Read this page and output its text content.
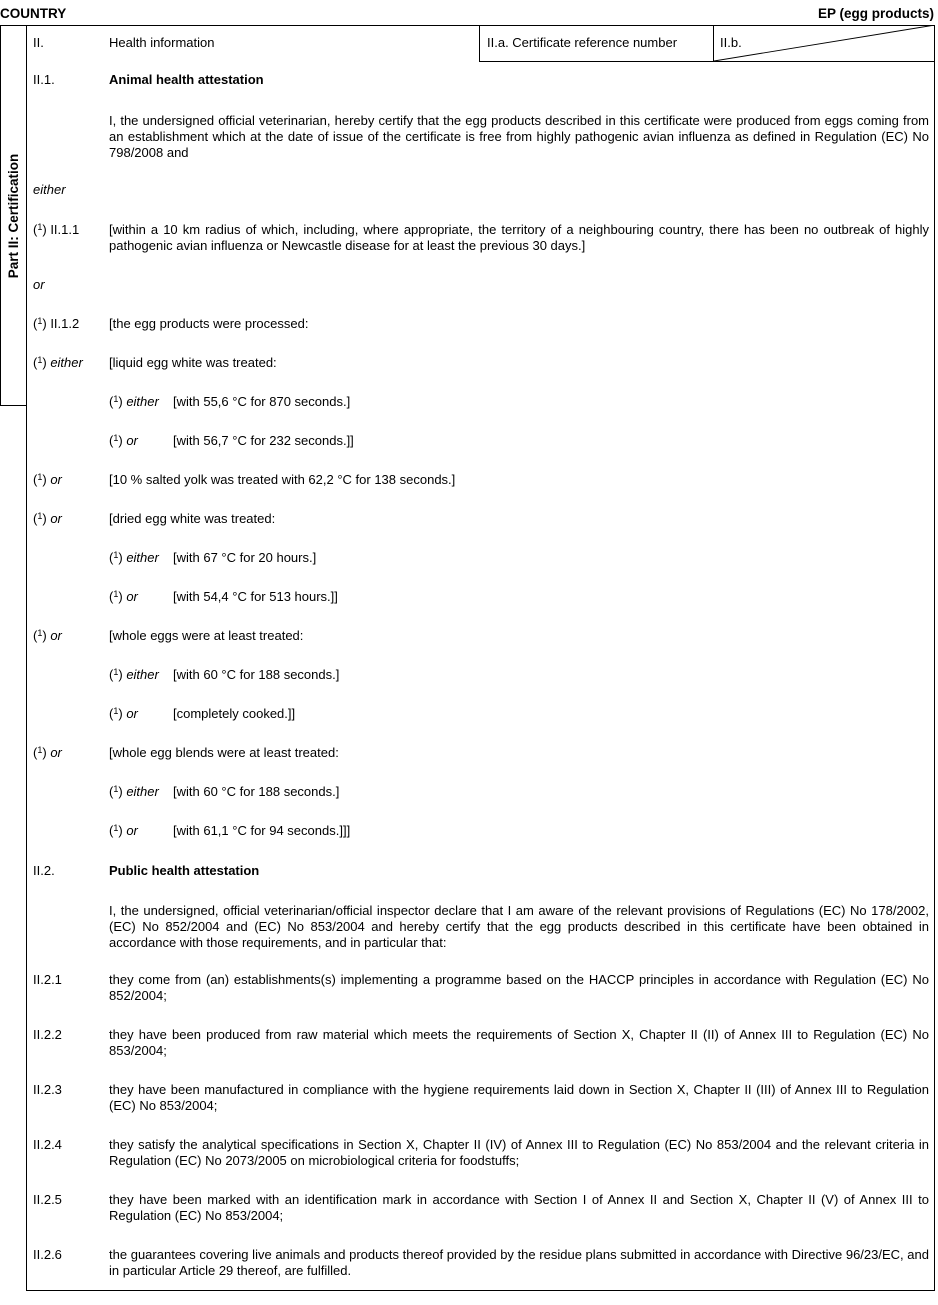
COUNTRY	EP (egg products)
Part II: Certification
II.a. Certificate reference number	II.b.
II.	Health information
II.1.	Animal health attestation
I, the undersigned official veterinarian, hereby certify that the egg products described in this certificate were produced from eggs coming from an establishment which at the date of issue of the certificate is free from highly pathogenic avian influenza as defined in Regulation (EC) No 798/2008 and
either
($^1$) II.1.1 [within a 10 km radius of which, including, where appropriate, the territory of a neighbouring country, there has been no outbreak of highly pathogenic avian influenza or Newcastle disease for at least the previous 30 days.]
or
($^1$) II.1.2 [the egg products were processed:
($^1$) either [liquid egg white was treated:
($^1$) either [with 55,6 °C for 870 seconds.]
($^1$) or	[with 56,7 °C for 232 seconds.]]
($^1$) or	[10 % salted yolk was treated with 62,2 °C for 138 seconds.]
($^1$) or	[dried egg white was treated:
($^1$) either [with 67 °C for 20 hours.]
($^1$) or	[with 54,4 °C for 513 hours.]]
($^1$) or	[whole eggs were at least treated:
($^1$) either [with 60 °C for 188 seconds.]
($^1$) or	[completely cooked.]]
($^1$) or	[whole egg blends were at least treated:
($^1$) either [with 60 °C for 188 seconds.]
($^1$) or	[with 61,1 °C for 94 seconds.]]]
II.2.	Public health attestation
I, the undersigned, official veterinarian/official inspector declare that I am aware of the relevant provisions of Regulations (EC) No 178/2002, (EC) No 852/2004 and (EC) No 853/2004 and hereby certify that the egg products described in this certificate have been obtained in accordance with those requirements, and in particular that:
II.2.1	they come from (an) establishments(s) implementing a programme based on the HACCP principles in accordance with Regulation (EC) No 852/2004;
II.2.2	they have been produced from raw material which meets the requirements of Section X, Chapter II (II) of Annex III to Regulation (EC) No 853/2004;
II.2.3	they have been manufactured in compliance with the hygiene requirements laid down in Section X, Chapter II (III) of Annex III to Regulation (EC) No 853/2004;
II.2.4	they satisfy the analytical specifications in Section X, Chapter II (IV) of Annex III to Regulation (EC) No 853/2004 and the relevant criteria in Regulation (EC) No 2073/2005 on microbiological criteria for foodstuffs;
II.2.5	they have been marked with an identification mark in accordance with Section I of Annex II and Section X, Chapter II (V) of Annex III to Regulation (EC) No 853/2004;
II.2.6	the guarantees covering live animals and products thereof provided by the residue plans submitted in accordance with Directive 96/23/EC, and in particular Article 29 thereof, are fulfilled.
